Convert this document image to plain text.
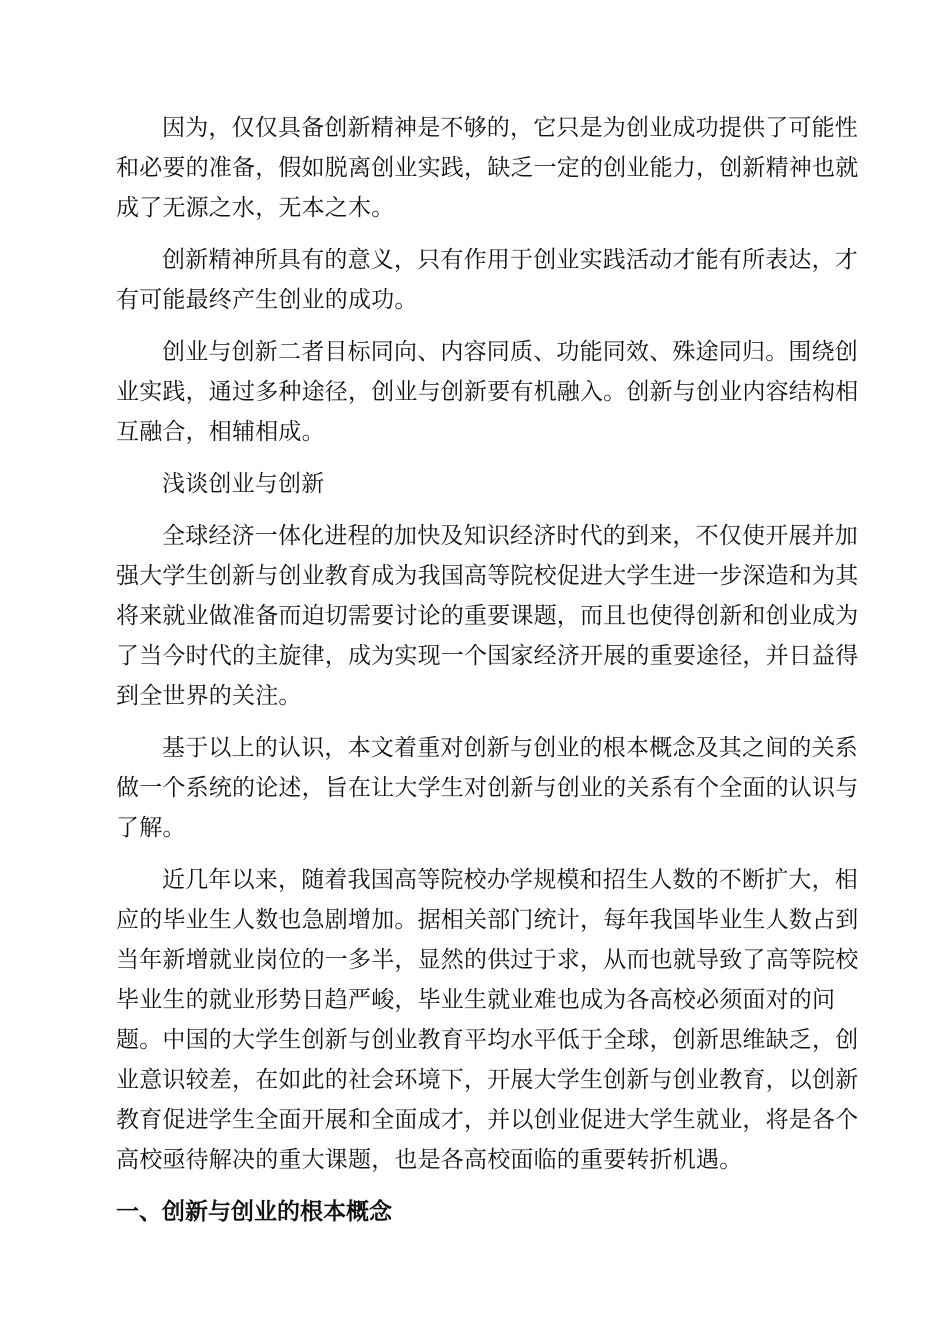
因为，仅仅具备创新精神是不够的，它只是为创业成功提供了可能性
和必要的准备，假如脱离创业实践，缺乏一定的创业能力，创新精神也就
成了无源之水，无本之木。

创新精神所具有的意义，只有作用于创业实践活动才能有所表达，才
有可能最终产生创业的成功。

创业与创新二者目标同向、内容同质、功能同效、殊途同归。围绕创
业实践，通过多种途径，创业与创新要有机融入。创新与创业内容结构相
互融合，相辅相成。

浅谈创业与创新

全球经济一体化进程的加快及知识经济时代的到来，不仅使开展并加
强大学生创新与创业教育成为我国高等院校促进大学生进一步深造和为其
将来就业做准备而迫切需要讨论的重要课题，而且也使得创新和创业成为
了当今时代的主旋律，成为实现一个国家经济开展的重要途径，并日益得
到全世界的关注。

基于以上的认识，本文着重对创新与创业的根本概念及其之间的关系
做一个系统的论述，旨在让大学生对创新与创业的关系有个全面的认识与
了解。

近几年以来，随着我国高等院校办学规模和招生人数的不断扩大，相
应的毕业生人数也急剧增加。据相关部门统计，每年我国毕业生人数占到
当年新增就业岗位的一多半，显然的供过于求，从而也就导致了高等院校
毕业生的就业形势日趋严峻，毕业生就业难也成为各高校必须面对的问
题。中国的大学生创新与创业教育平均水平低于全球，创新思维缺乏，创
业意识较差，在如此的社会环境下，开展大学生创新与创业教育，以创新
教育促进学生全面开展和全面成才，并以创业促进大学生就业，将是各个
高校亟待解决的重大课题，也是各高校面临的重要转折机遇。

一、创新与创业的根本概念
